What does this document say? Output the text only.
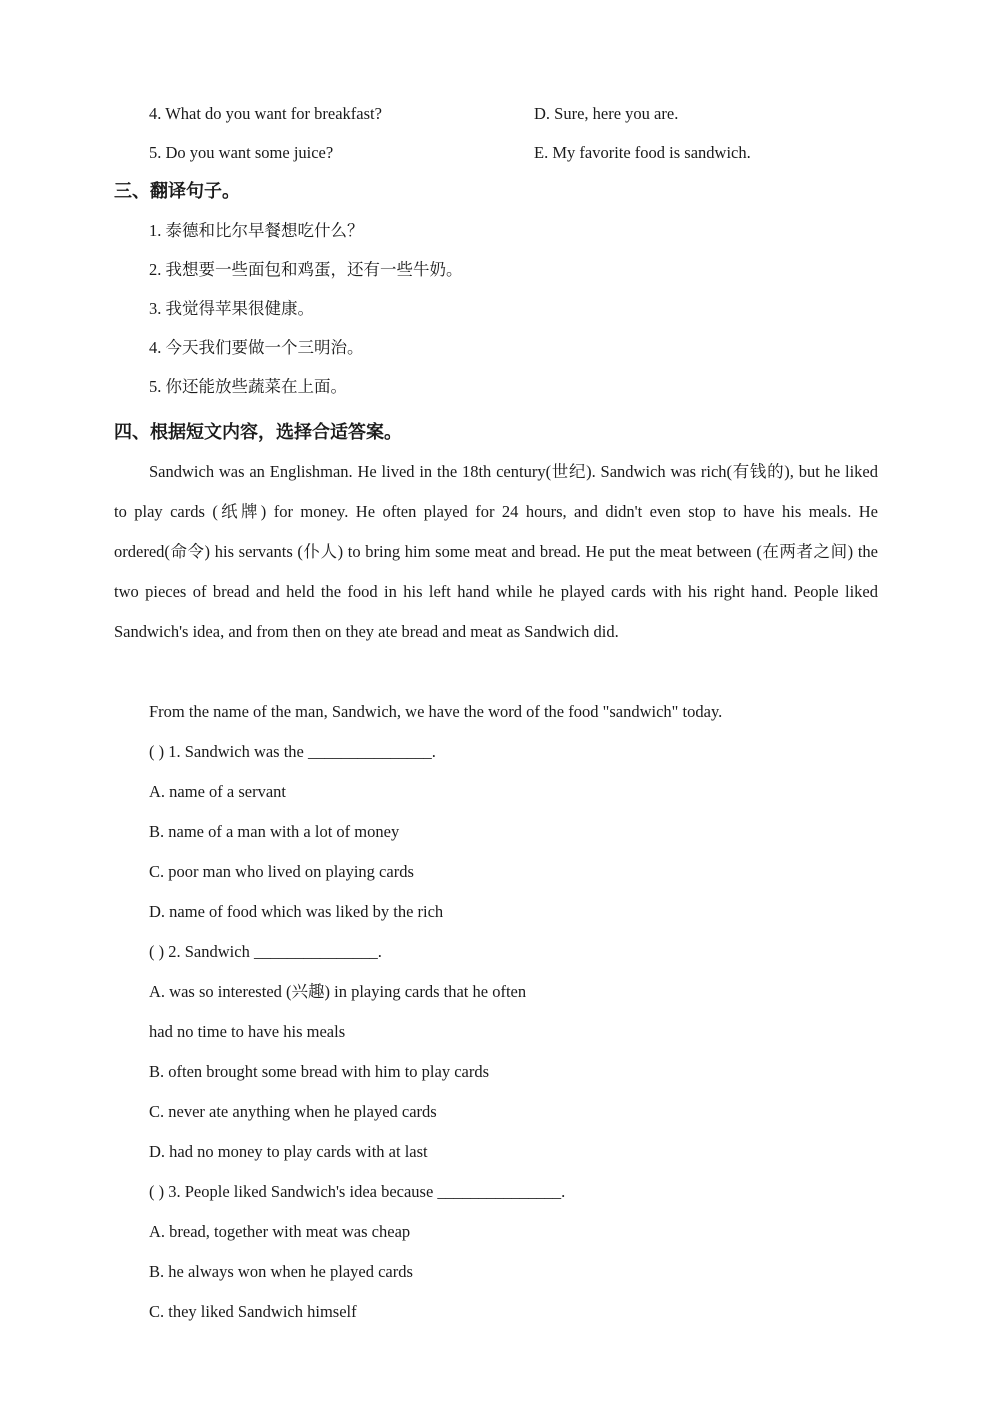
4. What do you want for breakfast?	D. Sure, here you are.
5. Do you want some juice?	E. My favorite food is sandwich.
三、翻译句子。
1. 泰德和比尔早餐想吃什么？
2. 我想要一些面包和鸡蛋，还有一些牛奶。
3. 我觉得苹果很健康。
4. 今天我们要做一个三明治。
5. 你还能放些蔬菜在上面。
四、根据短文内容，选择合适答案。
Sandwich was an Englishman. He lived in the 18th century(世纪). Sandwich was rich(有钱的), but he liked to play cards (纸牌) for money. He often played for 24 hours, and didn't even stop to have his meals. He ordered(命令) his servants (仆人) to bring him some meat and bread. He put the meat between (在两者之间) the two pieces of bread and held the food in his left hand while he played cards with his right hand. People liked Sandwich's idea, and from then on they ate bread and meat as Sandwich did.
From the name of the man, Sandwich, we have the word of the food "sandwich" today.
( ) 1. Sandwich was the _______________.
A. name of a servant
B. name of a man with a lot of money
C. poor man who lived on playing cards
D. name of food which was liked by the rich
( ) 2. Sandwich _______________.
A. was so interested (兴趣) in playing cards that he often
had no time to have his meals
B. often brought some bread with him to play cards
C. never ate anything when he played cards
D. had no money to play cards with at last
( ) 3. People liked Sandwich's idea because _______________.
A. bread, together with meat was cheap
B. he always won when he played cards
C. they liked Sandwich himself
